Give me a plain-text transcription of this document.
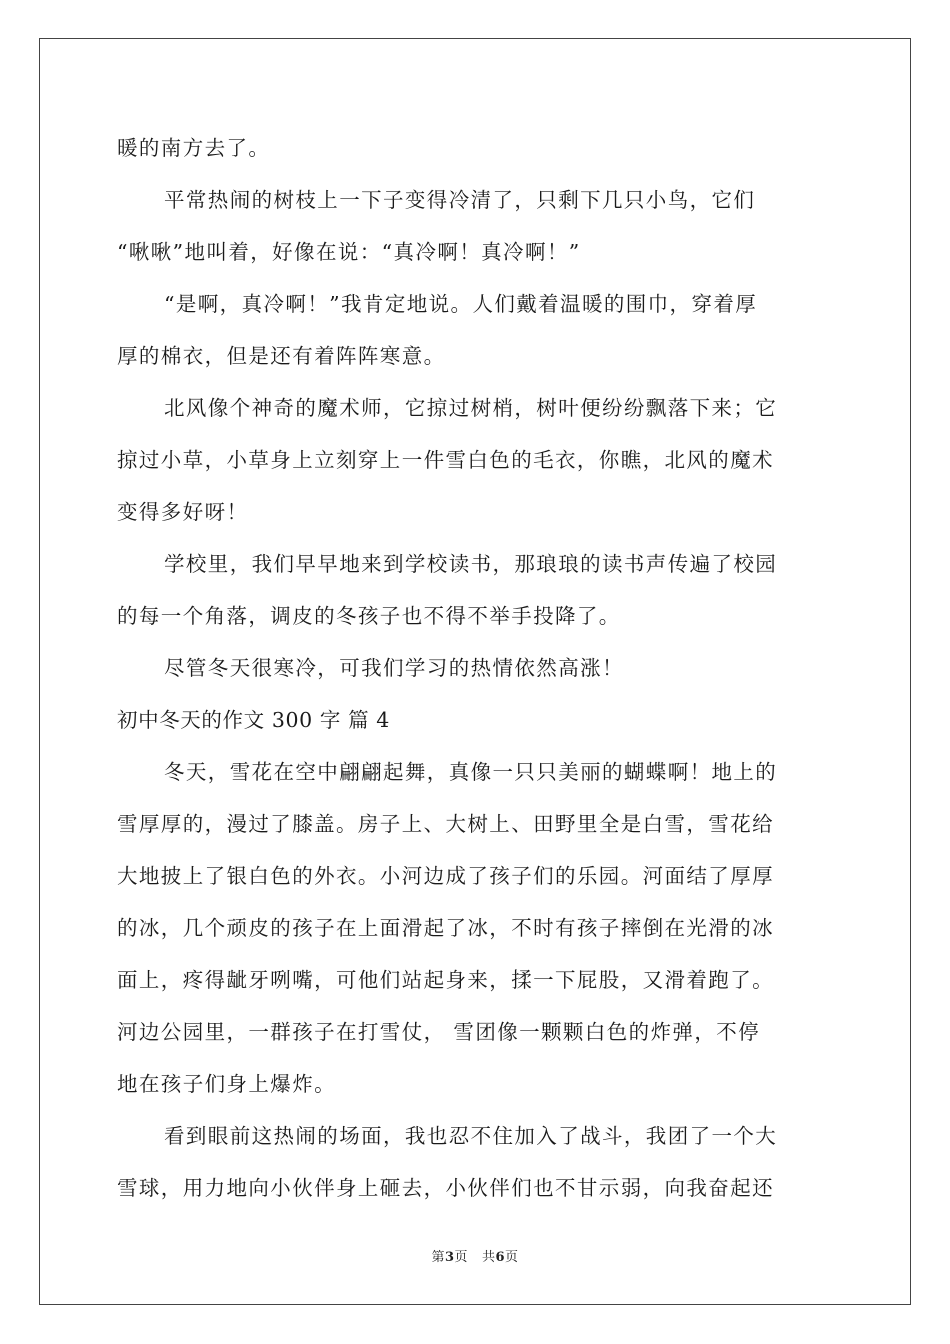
暖的南方去了。
平常热闹的树枝上一下子变得冷清了，只剩下几只小鸟，它们
“啾啾”地叫着，好像在说：“真冷啊！真冷啊！”
“是啊，真冷啊！”我肯定地说。人们戴着温暖的围巾，穿着厚
厚的棉衣，但是还有着阵阵寒意。
北风像个神奇的魔术师，它掠过树梢，树叶便纷纷飘落下来；它
掠过小草，小草身上立刻穿上一件雪白色的毛衣，你瞧，北风的魔术
变得多好呀！
学校里，我们早早地来到学校读书，那琅琅的读书声传遍了校园
的每一个角落，调皮的冬孩子也不得不举手投降了。
尽管冬天很寒冷，可我们学习的热情依然高涨！
初中冬天的作文 300 字 篇 4
冬天，雪花在空中翩翩起舞，真像一只只美丽的蝴蝶啊！地上的
雪厚厚的，漫过了膝盖。房子上、大树上、田野里全是白雪，雪花给
大地披上了银白色的外衣。小河边成了孩子们的乐园。河面结了厚厚
的冰，几个顽皮的孩子在上面滑起了冰，不时有孩子摔倒在光滑的冰
面上，疼得龇牙咧嘴，可他们站起身来，揉一下屁股，又滑着跑了。
河边公园里，一群孩子在打雪仗， 雪团像一颗颗白色的炸弹，不停
地在孩子们身上爆炸。
看到眼前这热闹的场面，我也忍不住加入了战斗，我团了一个大
雪球，用力地向小伙伴身上砸去，小伙伴们也不甘示弱，向我奋起还
第3页 共6页
